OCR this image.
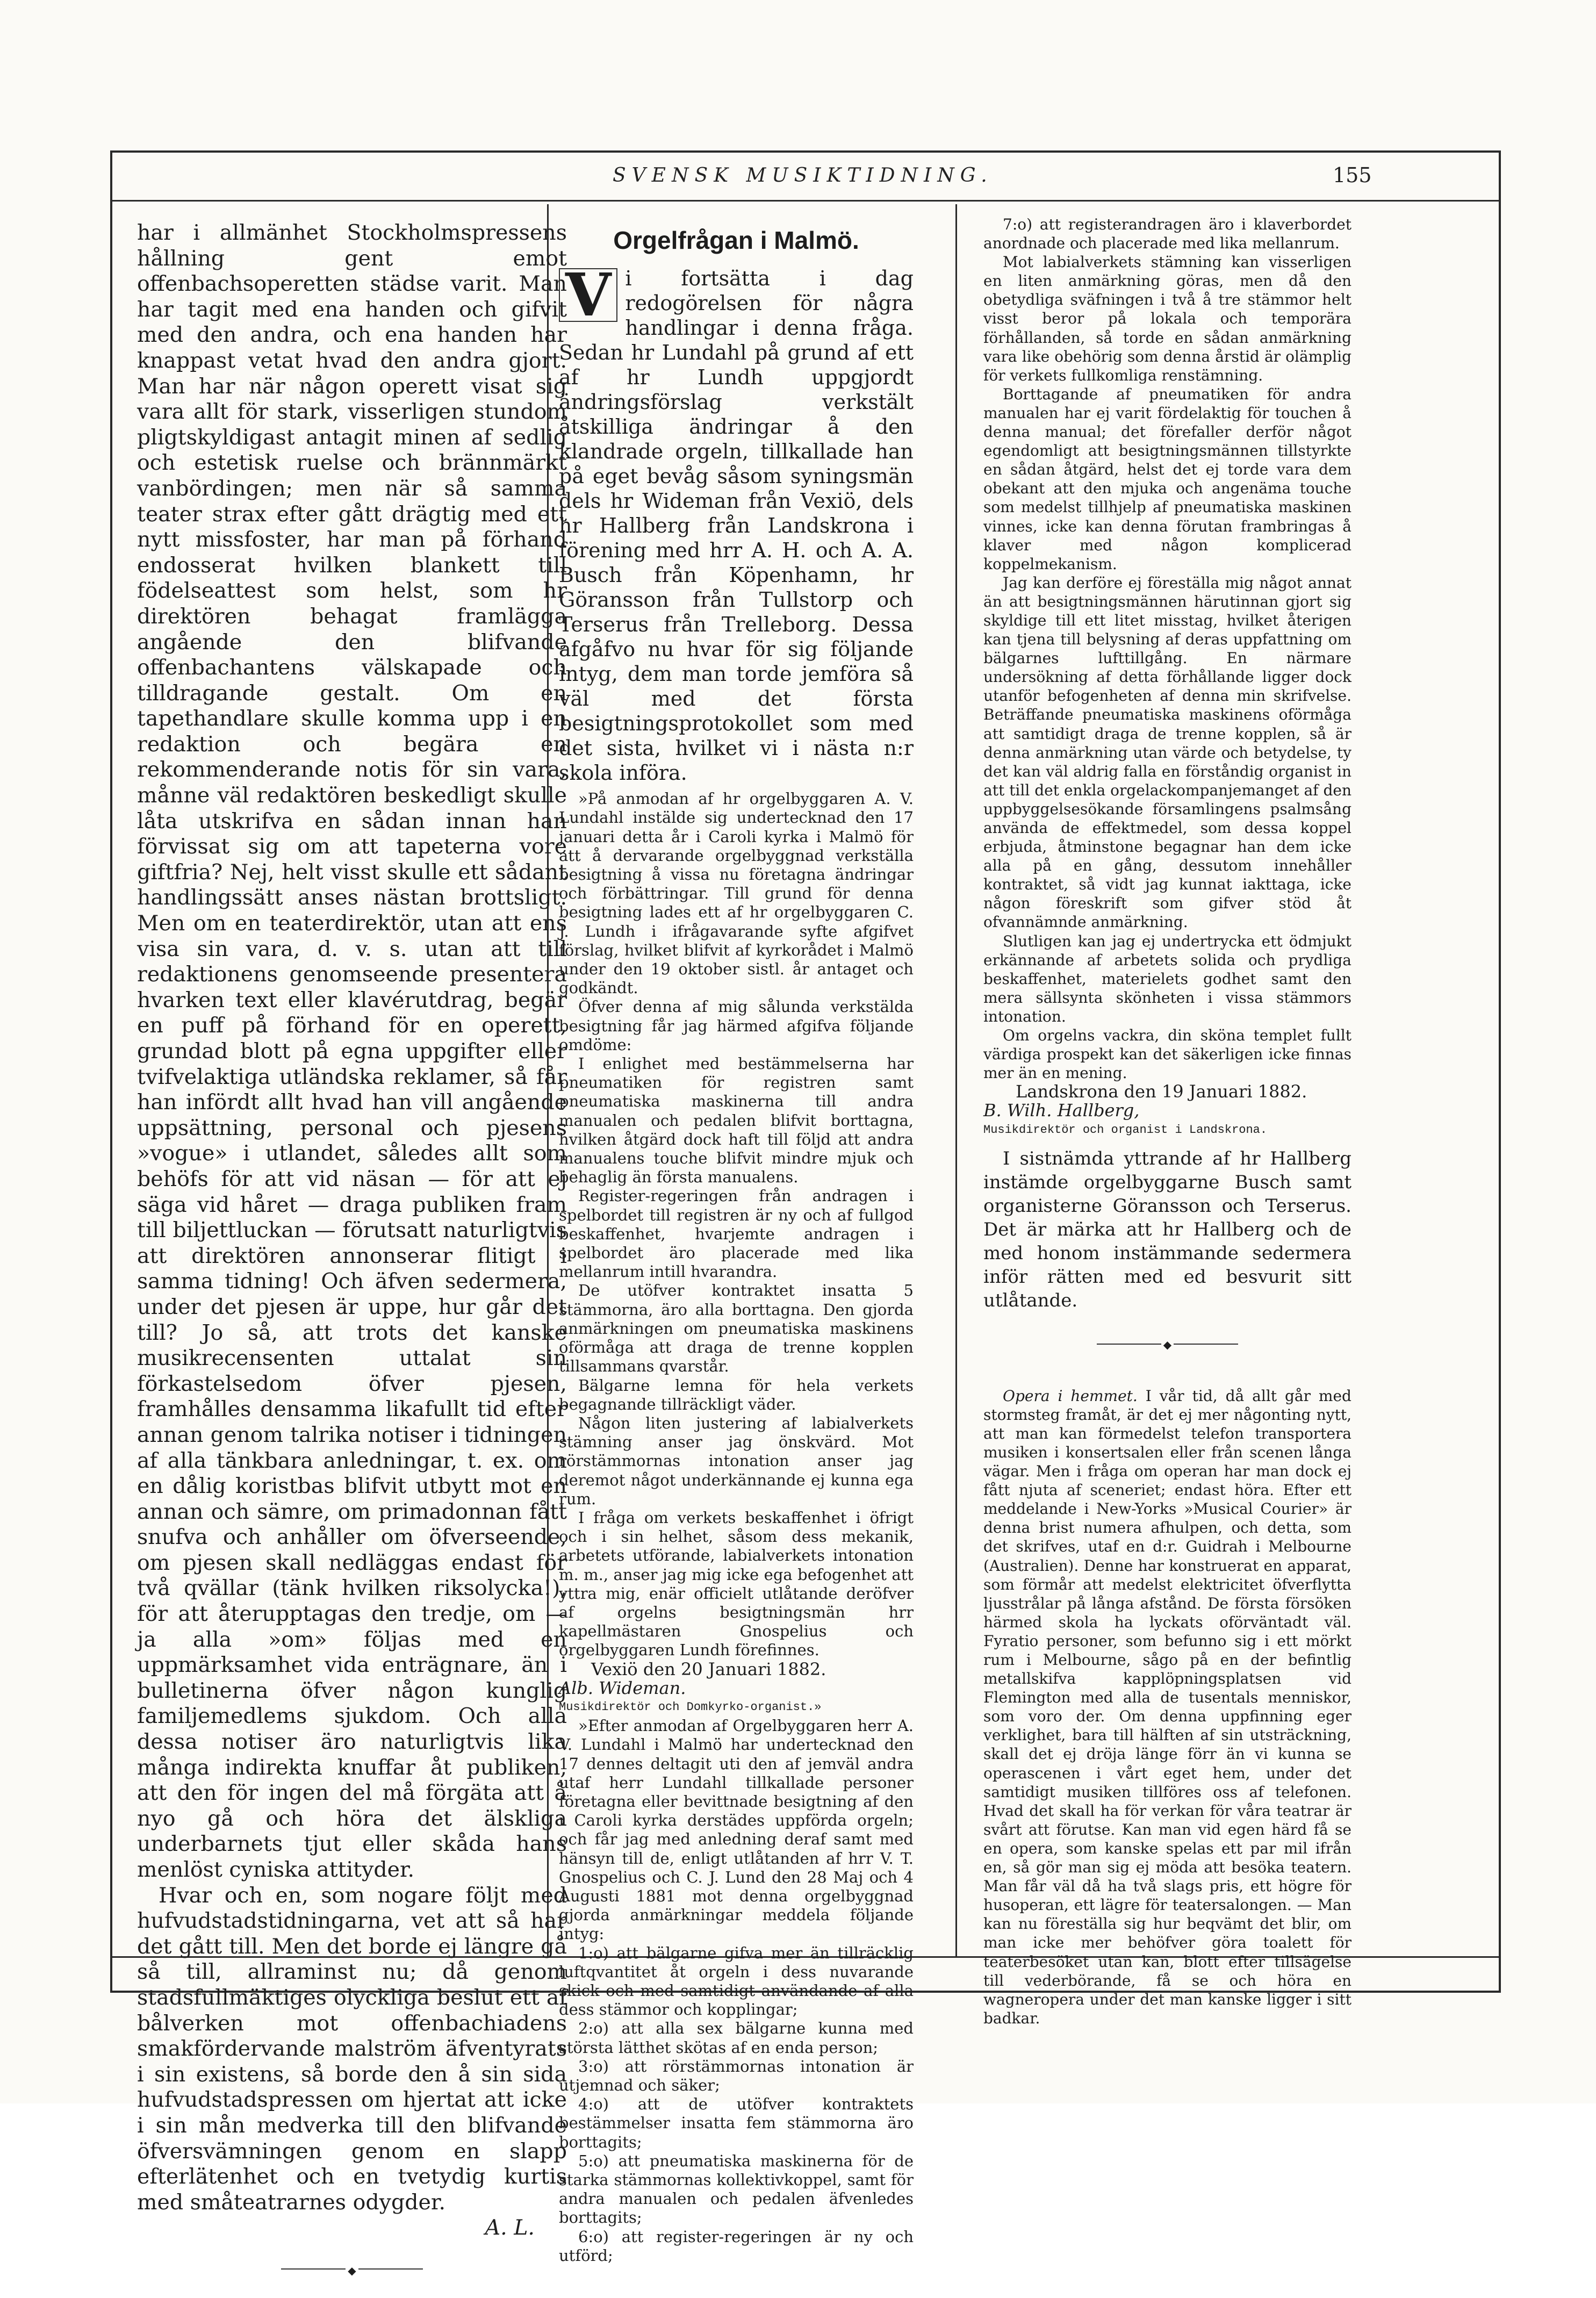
SVENSK MUSIKTIDNING.	155

har i allmänhet Stockholmspressens hållning gent emot offenbachsoperetten städse varit. Man har tagit med ena handen och gifvit med den andra, och ena handen har knappast vetat hvad den andra gjort. Man har när någon operett visat sig vara allt för stark, visserligen stundom pligtskyldigast antagit minen af sedlig och estetisk ruelse och brännmärkt vanbördingen; men när så samma teater strax efter gått drägtig med ett nytt missfoster, har man på förhand endosserat hvilken blankett till födelseattest som helst, som hr direktören behagat framlägga angående den blifvande offenbachantens välskapade och tilldragande gestalt. Om en tapethandlare skulle komma upp i en redaktion och begära en rekommenderande notis för sin vara, månne väl redaktören beskedligt skulle låta utskrifva en sådan innan han förvissat sig om att tapeterna vore giftfria? Nej, helt visst skulle ett sådant handlingssätt anses nästan brottsligt. Men om en teaterdirektör, utan att ens visa sin vara, d. v. s. utan att till redaktionens genomseende presentera hvarken text eller klavérutdrag, begär en puff på förhand för en operett, grundad blott på egna uppgifter eller tvifvelaktiga utländska reklamer, så får han infördt allt hvad han vill angående uppsättning, personal och pjesens »vogue» i utlandet, således allt som behöfs för att vid näsan — för att ej säga vid håret — draga publiken fram till biljettluckan — förutsatt naturligtvis att direktören annonserar flitigt i samma tidning! Och äfven sedermera, under det pjesen är uppe, hur går det till? Jo så, att trots det kanske musikrecensenten uttalat sin förkastelsedom öfver pjesen, framhålles densamma likafullt tid efter annan genom talrika notiser i tidningen af alla tänkbara anledningar, t. ex. om en dålig koristbas blifvit utbytt mot en annan och sämre, om primadonnan fått snufva och anhåller om öfverseende, om pjesen skall nedläggas endast för två qvällar (tänk hvilken riksolycka!), för att återupptagas den tredje, om — ja alla »om» följas med en uppmärksamhet vida enträgnare, än i bulletinerna öfver någon kunglig familjemedlems sjukdom. Och alla dessa notiser äro naturligtvis lika många indirekta knuffar åt publiken, att den för ingen del må förgäta att å nyo gå och höra det älskliga underbarnets tjut eller skåda hans menlöst cyniska attityder.

Hvar och en, som nogare följt med hufvudstadstidningarna, vet att så har det gått till. Men det borde ej längre gå så till, allraminst nu; då genom stadsfullmäktiges olyckliga beslut ett af bålverken mot offenbachiadens smakfördervande malström äfventyrats i sin existens, så borde den å sin sida hufvudstadspressen om hjertat att icke i sin mån medverka till den blifvande öfversvämningen genom en slapp efterlätenhet och en tvetydig kurtis med småteatrarnes odygder.

A. L.

◆
Orgelfrågan i Malmö.

V i fortsätta i dag redogörelsen för några handlingar i denna fråga. Sedan hr Lundahl på grund af ett af hr Lundh uppgjordt ändringsförslag verkstält åtskilliga ändringar å den klandrade orgeln, tillkallade han på eget bevåg såsom syningsmän dels hr Wideman från Vexiö, dels hr Hallberg från Landskrona i förening med hrr A. H. och A. A. Busch från Köpenhamn, hr Göransson från Tullstorp och Terserus från Trelleborg. Dessa afgåfvo nu hvar för sig följande intyg, dem man torde jemföra så väl med det första besigtningsprotokollet som med det sista, hvilket vi i nästa n:r skola införa.

»På anmodan af hr orgelbyggaren A. V. Lundahl instälde sig undertecknad den 17 januari detta år i Caroli kyrka i Malmö för att å dervarande orgelbyggnad verkställa besigtning å vissa nu företagna ändringar och förbättringar. Till grund för denna besigtning lades ett af hr orgelbyggaren C. J. Lundh i ifrågavarande syfte afgifvet förslag, hvilket blifvit af kyrkorådet i Malmö under den 19 oktober sistl. år antaget och godkändt.

Öfver denna af mig sålunda verkstälda besigtning får jag härmed afgifva följande omdöme:

I enlighet med bestämmelserna har pneumatiken för registren samt pneumatiska maskinerna till andra manualen och pedalen blifvit borttagna, hvilken åtgärd dock haft till följd att andra manualens touche blifvit mindre mjuk och behaglig än första manualens.

Register-regeringen från andragen i spelbordet till registren är ny och af fullgod beskaffenhet, hvarjemte andragen i spelbordet äro placerade med lika mellanrum intill hvarandra.

De utöfver kontraktet insatta 5 stämmorna, äro alla borttagna. Den gjorda anmärkningen om pneumatiska maskinens oförmåga att draga de trenne kopplen tillsammans qvarstår.

Bälgarne lemna för hela verkets begagnande tillräckligt väder.

Någon liten justering af labialverkets stämning anser jag önskvärd. Mot rörstämmornas intonation anser jag deremot något underkännande ej kunna ega rum.

I fråga om verkets beskaffenhet i öfrigt och i sin helhet, såsom dess mekanik, arbetets utförande, labialverkets intonation m. m., anser jag mig icke ega befogenhet att yttra mig, enär officielt utlåtande deröfver af orgelns besigtningsmän hrr kapellmästaren Gnospelius och orgelbyggaren Lundh förefinnes.

Vexiö den 20 Januari 1882.

Alb. Wideman.

Musikdirektör och Domkyrko-organist.»

»Efter anmodan af Orgelbyggaren herr A. V. Lundahl i Malmö har undertecknad den 17 dennes deltagit uti den af jemväl andra utaf herr Lundahl tillkallade personer företagna eller bevittnade besigtning af den i Caroli kyrka derstädes uppförda orgeln; och får jag med anledning deraf samt med hänsyn till de, enligt utlåtanden af hrr V. T. Gnospelius och C. J. Lund den 28 Maj och 4 Augusti 1881 mot denna orgelbyggnad gjorda anmärkningar meddela följande intyg:

1:o) att bälgarne gifva mer än tillräcklig luftqvantitet åt orgeln i dess nuvarande skick och med samtidigt användande af alla dess stämmor och kopplingar;

2:o) att alla sex bälgarne kunna med största lätthet skötas af en enda person;

3:o) att rörstämmornas intonation är utjemnad och säker;

4:o) att de utöfver kontraktets bestämmelser insatta fem stämmorna äro borttagits;

5:o) att pneumatiska maskinerna för de starka stämmornas kollektivkoppel, samt för andra manualen och pedalen äfvenledes borttagits;

6:o) att register-regeringen är ny och utförd;

7:o) att registerandragen äro i klaverbordet anordnade och placerade med lika mellanrum.

Mot labialverkets stämning kan visserligen en liten anmärkning göras, men då den obetydliga sväfningen i två å tre stämmor helt visst beror på lokala och temporära förhållanden, så torde en sådan anmärkning vara like obehörig som denna årstid är olämplig för verkets fullkomliga renstämning.

Borttagande af pneumatiken för andra manualen har ej varit fördelaktig för touchen å denna manual; det förefaller derför något egendomligt att besigtningsmännen tillstyrkte en sådan åtgärd, helst det ej torde vara dem obekant att den mjuka och angenäma touche som medelst tillhjelp af pneumatiska maskinen vinnes, icke kan denna förutan frambringas å klaver med någon komplicerad koppelmekanism.

Jag kan derföre ej föreställa mig något annat än att besigtningsmännen härutinnan gjort sig skyldige till ett litet misstag, hvilket återigen kan tjena till belysning af deras uppfattning om bälgarnes lufttillgång. En närmare undersökning af detta förhållande ligger dock utanför befogenheten af denna min skrifvelse. Beträffande pneumatiska maskinens oförmåga att samtidigt draga de trenne kopplen, så är denna anmärkning utan värde och betydelse, ty det kan väl aldrig falla en förståndig organist in att till det enkla orgelackompanjemanget af den uppbyggelsesökande församlingens psalmsång använda de effektmedel, som dessa koppel erbjuda, åtminstone begagnar han dem icke alla på en gång, dessutom innehåller kontraktet, så vidt jag kunnat iakttaga, icke någon föreskrift som gifver stöd åt ofvannämnde anmärkning.

Slutligen kan jag ej undertrycka ett ödmjukt erkännande af arbetets solida och prydliga beskaffenhet, materielets godhet samt den mera sällsynta skönheten i vissa stämmors intonation.

Om orgelns vackra, din sköna templet fullt värdiga prospekt kan det säkerligen icke finnas mer än en mening.

Landskrona den 19 Januari 1882.

B. Wilh. Hallberg,

Musikdirektör och organist i Landskrona.

I sistnämda yttrande af hr Hallberg instämde orgelbyggarne Busch samt organisterne Göransson och Terserus. Det är märka att hr Hallberg och de med honom instämmande sedermera inför rätten med ed besvurit sitt utlåtande.

◆

Opera i hemmet. I vår tid, då allt går med stormsteg framåt, är det ej mer någonting nytt, att man kan förmedelst telefon transportera musiken i konsertsalen eller från scenen långa vägar. Men i fråga om operan har man dock ej fått njuta af sceneriet; endast höra. Efter ett meddelande i New-Yorks »Musical Courier» är denna brist numera afhulpen, och detta, som det skrifves, utaf en d:r. Guidrah i Melbourne (Australien). Denne har konstruerat en apparat, som förmår att medelst elektricitet öfverflytta ljusstrålar på långa afstånd. De första försöken härmed skola ha lyckats oförväntadt väl. Fyratio personer, som befunno sig i ett mörkt rum i Melbourne, sågo på en der befintlig metallskifva kapplöpningsplatsen vid Flemington med alla de tusentals menniskor, som voro der. Om denna uppfinning eger verklighet, bara till hälften af sin utsträckning, skall det ej dröja länge förr än vi kunna se operascenen i vårt eget hem, under det samtidigt musiken tillföres oss af telefonen. Hvad det skall ha för verkan för våra teatrar är svårt att förutse. Kan man vid egen härd få se en opera, som kanske spelas ett par mil ifrån en, så gör man sig ej möda att besöka teatern. Man får väl då ha två slags pris, ett högre för husoperan, ett lägre för teatersalongen. — Man kan nu föreställa sig hur beqvämt det blir, om man icke mer behöfver göra toalett för teaterbesöket utan kan, blott efter tillsägelse till vederbörande, få se och höra en wagneropera under det man kanske ligger i sitt badkar.
